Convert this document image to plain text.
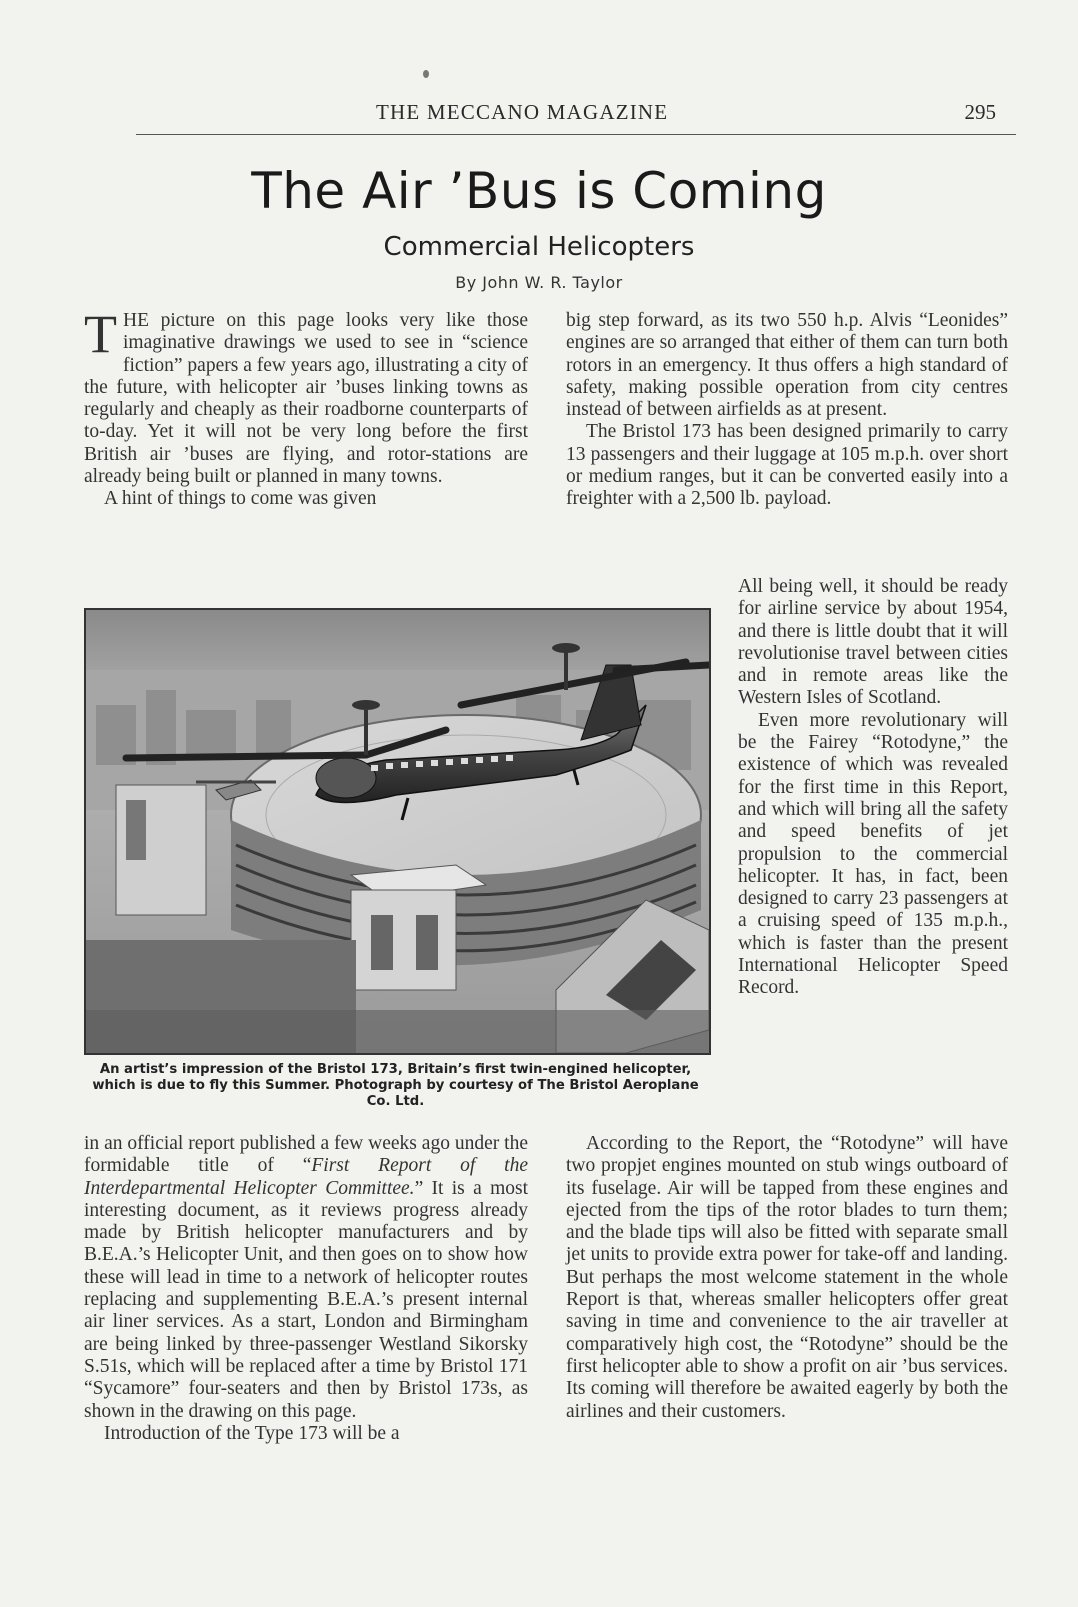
THE MECCANO MAGAZINE	295
The Air ’Bus is Coming
Commercial Helicopters
By John W. R. Taylor

THE picture on this page looks very like those imaginative drawings we used to see in “science fiction” papers a few years ago, illustrating a city of the future, with helicopter air ’buses linking towns as regularly and cheaply as their roadborne counterparts of to-day. Yet it will not be very long before the first British air ’buses are flying, and rotor-stations are already being built or planned in many towns.

A hint of things to come was given

big step forward, as its two 550 h.p. Alvis “Leonides” engines are so arranged that either of them can turn both rotors in an emergency. It thus offers a high standard of safety, making possible operation from city centres instead of between airfields as at present.

The Bristol 173 has been designed primarily to carry 13 passengers and their luggage at 105 m.p.h. over short or medium ranges, but it can be converted easily into a freighter with a 2,500 lb. payload.

All being well, it should be ready for airline service by about 1954, and there is little doubt that it will revolutionise travel between cities and in remote areas like the Western Isles of Scotland.

Even more revolutionary will be the Fairey “Rotodyne,” the existence of which was revealed for the first time in this Report, and which will bring all the safety and speed benefits of jet propulsion to the commercial helicopter. It has, in fact, been designed to carry 23 passengers at a cruising speed of 135 m.p.h., which is faster than the present International Helicopter Speed Record.

An artist’s impression of the Bristol 173, Britain’s first twin-engined helicopter, which is due to fly this Summer. Photograph by courtesy of The Bristol Aeroplane Co. Ltd.

in an official report published a few weeks ago under the formidable title of “First Report of the Interdepartmental Helicopter Committee.” It is a most interesting document, as it reviews progress already made by British helicopter manufacturers and by B.E.A.’s Helicopter Unit, and then goes on to show how these will lead in time to a network of helicopter routes replacing and supplementing B.E.A.’s present internal air liner services. As a start, London and Birmingham are being linked by three-passenger Westland Sikorsky S.51s, which will be replaced after a time by Bristol 171 “Sycamore” four-seaters and then by Bristol 173s, as shown in the drawing on this page.

Introduction of the Type 173 will be a

According to the Report, the “Rotodyne” will have two propjet engines mounted on stub wings outboard of its fuselage. Air will be tapped from these engines and ejected from the tips of the rotor blades to turn them; and the blade tips will also be fitted with separate small jet units to provide extra power for take-off and landing. But perhaps the most welcome statement in the whole Report is that, whereas smaller helicopters offer great saving in time and convenience to the air traveller at comparatively high cost, the “Rotodyne” should be the first helicopter able to show a profit on air ’bus services. Its coming will therefore be awaited eagerly by both the airlines and their customers.
